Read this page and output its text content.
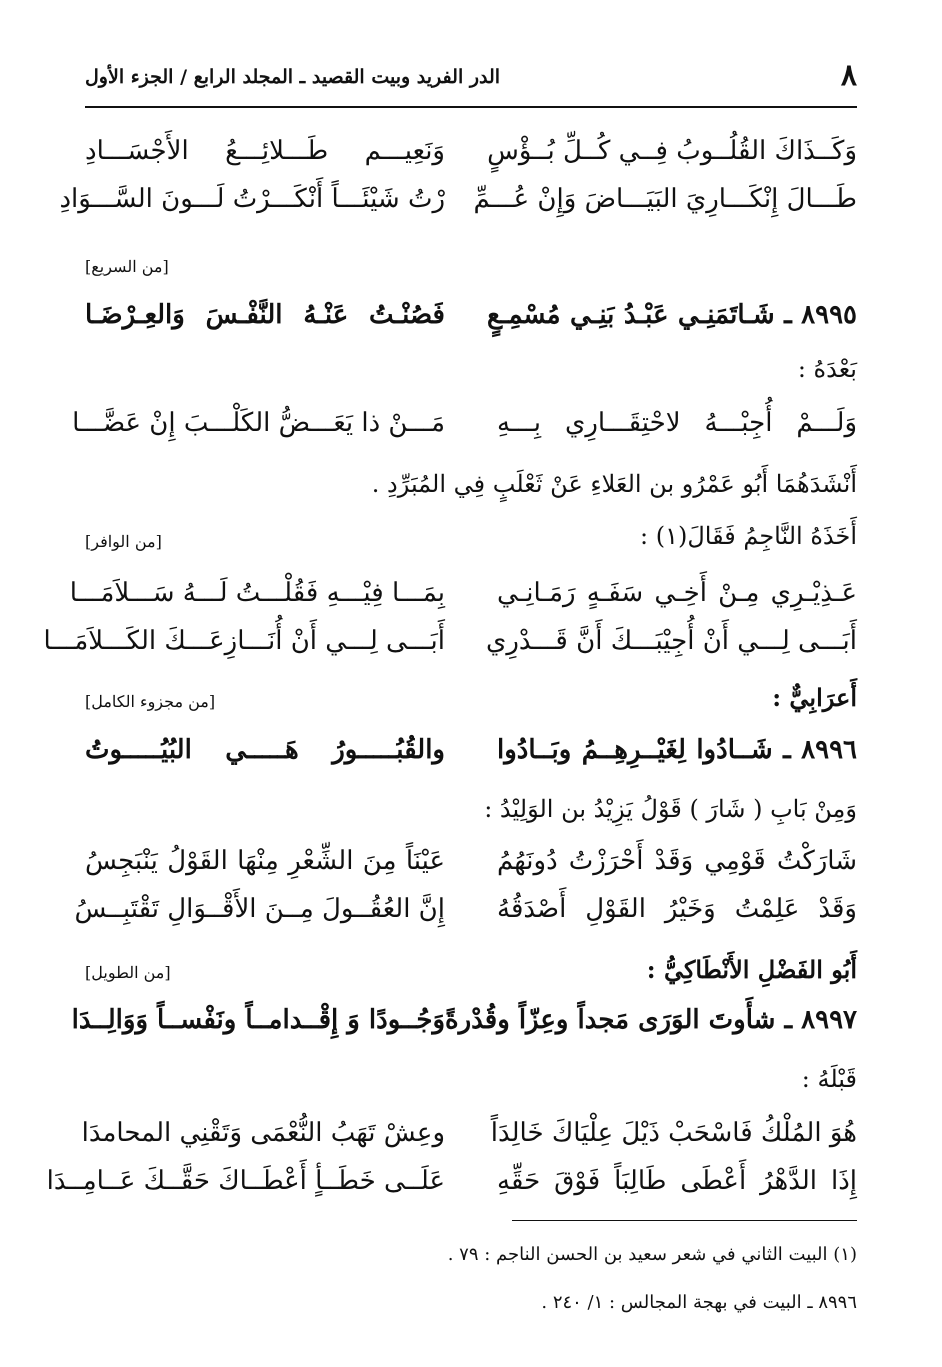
٨
الدر الفريد وبيت القصيد ـ المجلد الرابع / الجزء الأول
وَكَــذَاكَ القُلُــوبُ فِــي كُــلِّ بُــؤْسٍ
وَنَعِيـــم طَـــلائِـــعُ الأَجْسَـــادِ
طَـــالَ إِنْكَـــارِيَ البَيَـــاضَ وَإِنْ عُـــمِّ
رْتُ شَيْئَـــاً أَنْكَـــرْتُ لَـــونَ السَّـــوَادِ
[من السريع]
٨٩٩٥ ـ شَـاتَمَنِـي عَبْـدُ بَنِـي مُسْمِـعٍ
فَصُنْـتُ عَنْـهُ النَّفْـسَ وَالعِـرْضَـا
بَعْدَهُ :
وَلَـــمْ أُجِبْـــهُ لاحْتِقَـــارِي بِـــهِ
مَـــنْ ذا يَعَـــضُّ الكَلْـــبَ إِنْ عَضَّـــا
أَنْشَدَهُمَا أَبُو عَمْرُو بن العَلاءِ عَنْ ثَعْلَبٍ فِي المُبَرِّدِ .
أَخَذَهُ النَّاجِمُ فَقَالَ(١) :
[من الوافر]
عَـذِيْـرِي مِـنْ أَخِـي سَفَـهٍ رَمَـانِـي
بِمَـــا فِيْـــهِ فَقُلْـــتُ لَـــهُ سَـــلاَمَـــا
أَبَـــى لِـــي أَنْ أُجِيْبَـــكَ أَنَّ قَـــدْرِي
أَبَـــى لِـــي أَنْ أُنَـــازِعَـــكَ الكَـــلاَمَـــا
أَعرَابِيٌّ :
[من مجزوء الكامل]
٨٩٩٦ ـ شَــادُوا لِغَيْــرِهِــمُ وبَــادُوا
والقُبُـــــورُ هَـــــي البُيُـــــوتُ
وَمِنْ بَابِ ( شَارَ ) قَوْلُ يَزِيْدُ بن الوَلِيْدُ :
شَارَكْتُ قَوْمِي وَقَدْ أَحْرَزْتُ دُونَهُمُ
عَيْنَاً مِنَ الشِّعْرِ مِنْهَا القَوْلُ يَنْبَجِسُ
وَقَدْ عَلِمْتُ وَخَيْرُ القَوْلِ أَصْدَقُهُ
إِنَّ العُقُــولَ مِــنَ الأَقْــوَالِ تَقْتَبِــسُ
أَبُو الفَضْلِ الأَنْطَاكِيُّ :
[من الطويل]
٨٩٩٧ ـ شأَوتَ الوَرَى مَجداً وعِزّاً وقُدْرةً
وَجُــودًا وَ إِقْــدامــاً ونَفْســاً وَوَالِــدَا
قَبْلَهُ :
هُوَ المُلْكُ فَاسْحَبْ ذَيْلَ عِلْيَاكَ خَالِدَاً
وعِشْ تَهَبُ النُّعْمَى وَتَقْنِي المحامدَا
إِذَا الدَّهْرُ أَعْطَى طَالِبَاً فَوْقَ حَقِّهِ
عَلَــى خَطَــأٍ أَعْطَــاكَ حَقَّــكَ عَــامِــدَا
(١) البيت الثاني في شعر سعيد بن الحسن الناجم : ٧٩ .
٨٩٩٦ ـ البيت في بهجة المجالس : ١/ ٢٤٠ .
